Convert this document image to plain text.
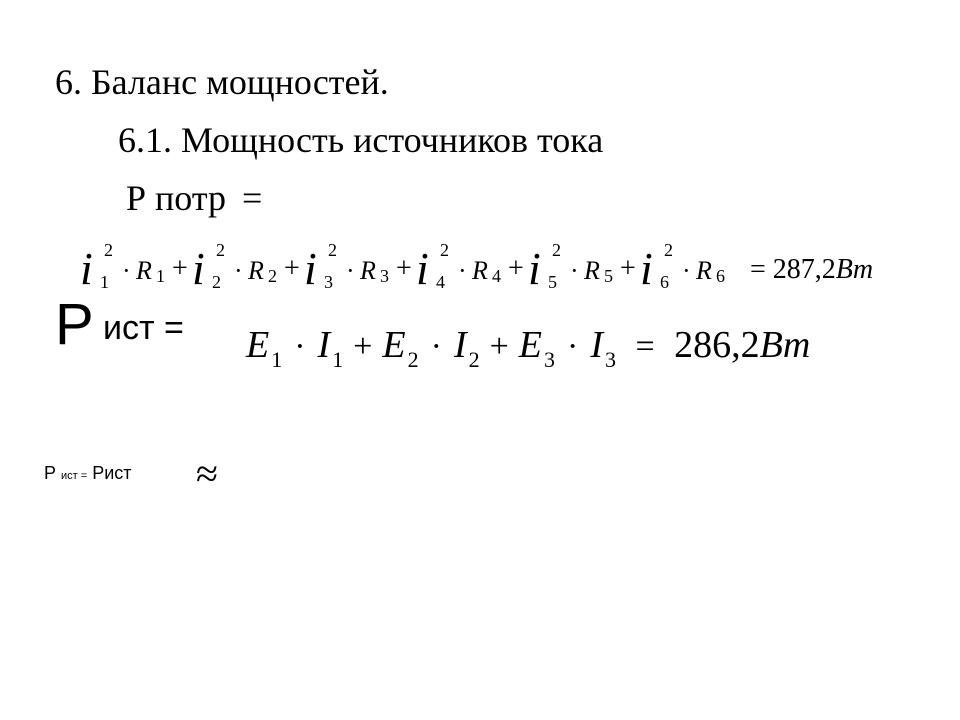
6. Баланс мощностей.
6.1. Мощность источников тока
Р потр =
i 2
1 · R 1 + i 2
2 · R 2 + i 2
3 · R 3 + i 2
4 · R 4 + i 2
5 · R 5 + i 2
6 · R 6 = 287,2Bm
Р ист = $E_1 \cdot I_1 + E_2 \cdot I_2 + E_3 \cdot I_3 = 286,2Bm$
Р ист = Рист ≈
